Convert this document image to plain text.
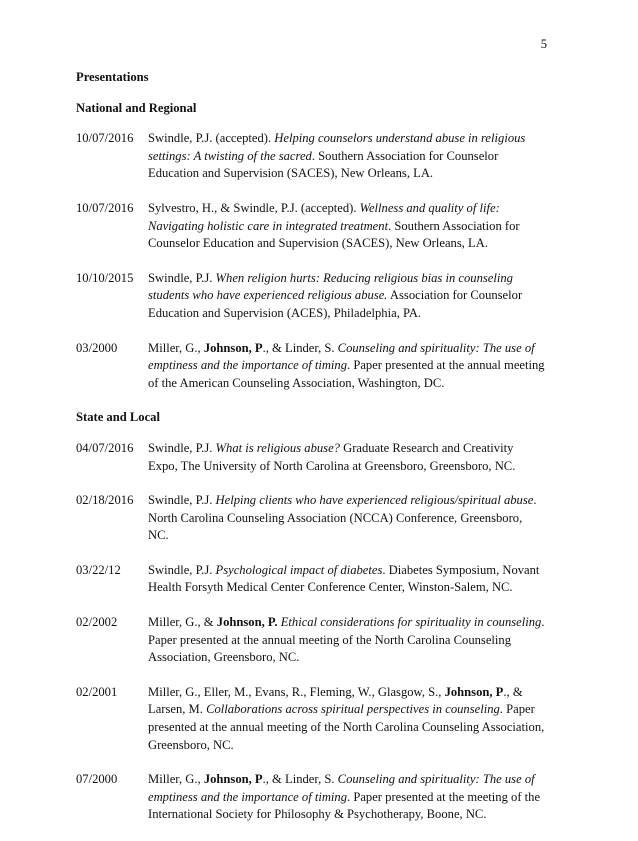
5
Presentations
National and Regional
10/07/2016	Swindle, P.J. (accepted). Helping counselors understand abuse in religious settings: A twisting of the sacred. Southern Association for Counselor Education and Supervision (SACES), New Orleans, LA.
10/07/2016	Sylvestro, H., & Swindle, P.J. (accepted). Wellness and quality of life: Navigating holistic care in integrated treatment. Southern Association for Counselor Education and Supervision (SACES), New Orleans, LA.
10/10/2015	Swindle, P.J. When religion hurts: Reducing religious bias in counseling students who have experienced religious abuse. Association for Counselor Education and Supervision (ACES), Philadelphia, PA.
03/2000	Miller, G., Johnson, P., & Linder, S. Counseling and spirituality: The use of emptiness and the importance of timing. Paper presented at the annual meeting of the American Counseling Association, Washington, DC.
State and Local
04/07/2016	Swindle, P.J. What is religious abuse? Graduate Research and Creativity Expo, The University of North Carolina at Greensboro, Greensboro, NC.
02/18/2016	Swindle, P.J. Helping clients who have experienced religious/spiritual abuse. North Carolina Counseling Association (NCCA) Conference, Greensboro, NC.
03/22/12	Swindle, P.J. Psychological impact of diabetes. Diabetes Symposium, Novant Health Forsyth Medical Center Conference Center, Winston-Salem, NC.
02/2002	Miller, G., & Johnson, P. Ethical considerations for spirituality in counseling. Paper presented at the annual meeting of the North Carolina Counseling Association, Greensboro, NC.
02/2001	Miller, G., Eller, M., Evans, R., Fleming, W., Glasgow, S., Johnson, P., & Larsen, M. Collaborations across spiritual perspectives in counseling. Paper presented at the annual meeting of the North Carolina Counseling Association, Greensboro, NC.
07/2000	Miller, G., Johnson, P., & Linder, S. Counseling and spirituality: The use of emptiness and the importance of timing. Paper presented at the meeting of the International Society for Philosophy & Psychotherapy, Boone, NC.
